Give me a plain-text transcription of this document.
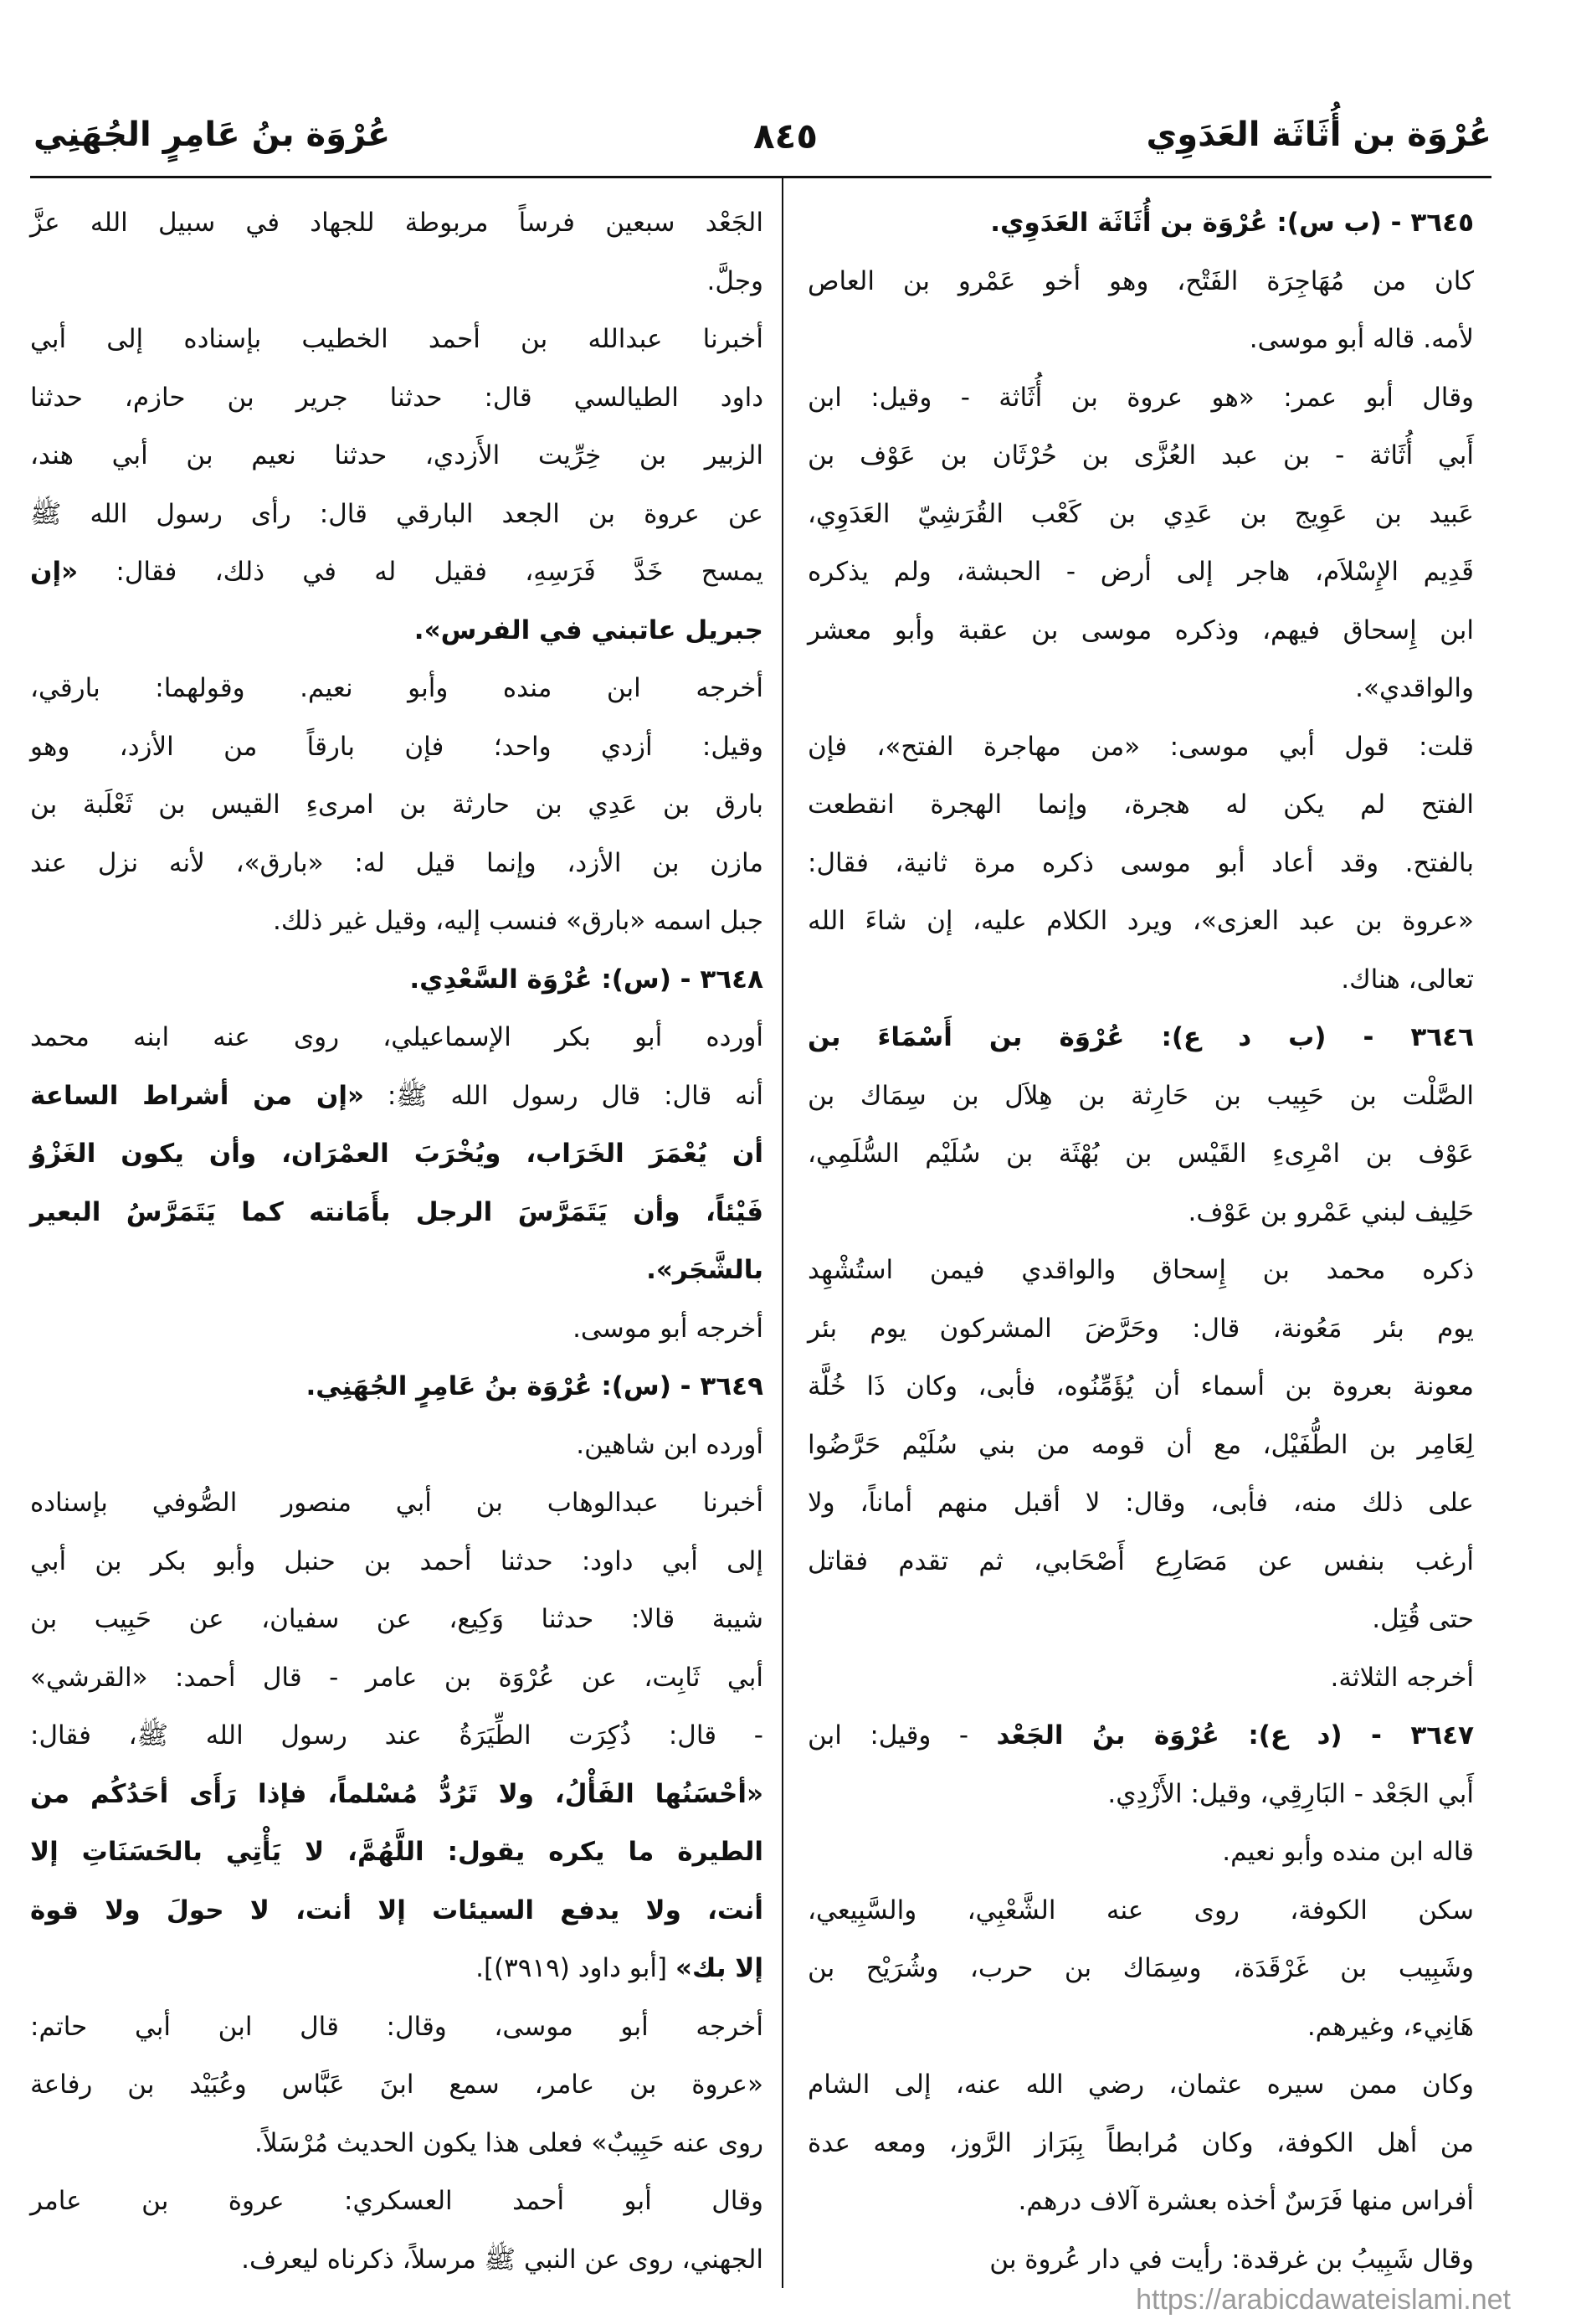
عُرْوَة بن أُثَاثَة العَدَوِي
٨٤٥
عُرْوَة بنُ عَامِرٍ الجُهَنِي
٣٦٤٥ - (ب س): عُرْوَة بن أُثَاثَة العَدَوِي.
كان من مُهَاجِرَة الفَتْح، وهو أخو عَمْرو بن العاص
لأمه. قاله أبو موسى.
وقال أبو عمر: «هو عروة بن أُثَاثة - وقيل: ابن
أَبي أُثَاثة - بن عبد العُزَّى بن حُرْثَان بن عَوْف بن
عَبيد بن عَوِيج بن عَدِي بن كَعْب القُرَشِيّ العَدَوِي،
قَدِيم الإِسْلاَم، هاجر إلى أرض - الحبشة، ولم يذكره
ابن إِسحاق فيهم، وذكره موسى بن عقبة وأبو معشر
والواقدي».
قلت: قول أبي موسى: «من مهاجرة الفتح»، فإن
الفتح لم يكن له هجرة، وإنما الهجرة انقطعت
بالفتح. وقد أعاد أبو موسى ذكره مرة ثانية، فقال:
«عروة بن عبد العزى»، ويرد الكلام عليه، إن شاءَ الله
تعالى، هناك.
٣٦٤٦ - (ب د ع): عُرْوَة بن أَسْمَاءَ بن
الصَّلْت بن حَبِيب بن حَارِثة بن هِلاَل بن سِمَاك بن
عَوْف بن امْرِىءِ القَيْس بن بُهْثَة بن سُلَيْم السُّلَمِي،
حَلِيف لبني عَمْرو بن عَوْف.
ذكره محمد بن إِسحاق والواقدي فيمن استُشْهِد
يوم بئر مَعُونة، قال: وحَرَّضَ المشركون يوم بئر
معونة بعروة بن أسماء أن يُؤَمِّنُوه، فأبى، وكان ذَا خُلَّة
لِعَامِر بن الطُّفَيْل، مع أن قومه من بني سُلَيْم حَرَّضُوا
على ذلك منه، فأبى، وقال: لا أقبل منهم أماناً، ولا
أرغب بنفس عن مَصَارِع أَصْحَابي، ثم تقدم فقاتل
حتى قُتِل.
أخرجه الثلاثة.
٣٦٤٧ - (د ع): عُرْوَة بنُ الجَعْد - وقيل: ابن
أَبي الجَعْد - البَارِقِي، وقيل: الأَزْدِي.
قاله ابن منده وأبو نعيم.
سكن الكوفة، روى عنه الشَّعْبِي، والسَّبِيعي،
وشَبِيب بن غَرْقَدَة، وسِمَاك بن حرب، وشُرَيْح بن
هَانِيء، وغيرهم.
وكان ممن سيره عثمان، رضي الله عنه، إلى الشام
من أهل الكوفة، وكان مُرابطاً بِبَرَاز الرَّوز، ومعه عدة
أفراس منها فَرَسٌ أخذه بعشرة آلاف درهم.
وقال شَبِيبُ بن غرقدة: رأيت في دار عُروة بن
الجَعْد سبعين فرساً مربوطة للجهاد في سبيل الله عزَّ
وجلَّ.
أخبرنا عبدالله بن أحمد الخطيب بإسناده إلى أبي
داود الطيالسي قال: حدثنا جرير بن حازم، حدثنا
الزبير بن خِرِّيت الأَزدي، حدثنا نعيم بن أبي هند،
عن عروة بن الجعد البارقي قال: رأى رسول الله ﷺ
يمسح خَدَّ فَرَسِهِ، فقيل له في ذلك، فقال: «إن
جبريل عاتبني في الفرس».
أخرجه ابن منده وأبو نعيم. وقولهما: بارقي،
وقيل: أزدي واحد؛ فإن بارقاً من الأزد، وهو
بارق بن عَدِي بن حارثة بن امرىءِ القيس بن ثَعْلَبة بن
مازن بن الأزد، وإنما قيل له: «بارق»، لأنه نزل عند
جبل اسمه «بارق» فنسب إليه، وقيل غير ذلك.
٣٦٤٨ - (س): عُرْوَة السَّعْدِي.
أورده أبو بكر الإسماعيلي، روى عنه ابنه محمد
أنه قال: قال رسول الله ﷺ: «إن من أشراط الساعة
أن يُعْمَرَ الخَرَاب، ويُخْرَبَ العمْرَان، وأن يكون الغَزْوُ
فَيْئاً، وأن يَتَمَرَّسَ الرجل بأَمَانته كما يَتَمَرَّسُ البعير
بالشَّجَر».
أخرجه أبو موسى.
٣٦٤٩ - (س): عُرْوَة بنُ عَامِرٍ الجُهَنِي.
أورده ابن شاهين.
أخبرنا عبدالوهاب بن أبي منصور الصُّوفي بإسناده
إلى أبي داود: حدثنا أحمد بن حنبل وأبو بكر بن أبي
شيبة قالا: حدثنا وَكِيع، عن سفيان، عن حَبِيب بن
أبي ثَابِت، عن عُرْوَة بن عامر - قال أحمد: «القرشي»
- قال: ذُكِرَت الطِّيَرَةُ عند رسول الله ﷺ، فقال:
«أحْسَنُها الفَأْلُ، ولا تَرُدُّ مُسْلماً، فإذا رَأَى أحَدُكُم من
الطيرة ما يكره يقول: اللَّهُمَّ، لا يَأْتِي بالحَسَنَاتِ إلا
أنت، ولا يدفع السيئات إلا أنت، لا حولَ ولا قوة
إلا بك» [أبو داود (٣٩١٩)].
أخرجه أبو موسى، وقال: قال ابن أبي حاتم:
«عروة بن عامر، سمع ابنَ عَبَّاس وعُبَيْد بن رفاعة
روى عنه حَبِيبٌ» فعلى هذا يكون الحديث مُرْسَلاً.
وقال أبو أحمد العسكري: عروة بن عامر
الجهني، روى عن النبي ﷺ مرسلاً، ذكرناه ليعرف.
https://arabicdawateislami.net
